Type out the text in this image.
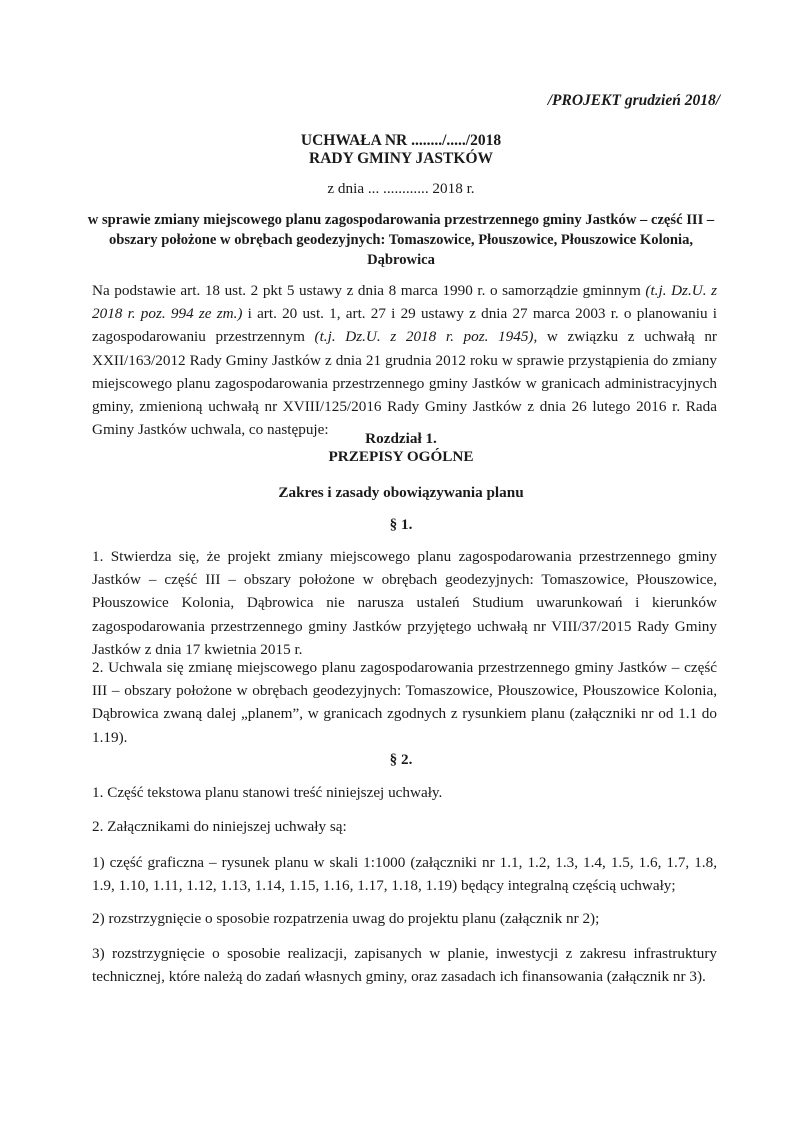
/PROJEKT grudzień 2018/
UCHWAŁA NR ......../...../2018
RADY GMINY JASTKÓW
z dnia ... ............ 2018 r.
w sprawie zmiany miejscowego planu zagospodarowania przestrzennego gminy Jastków – część III – obszary położone w obrębach geodezyjnych: Tomaszowice, Płouszowice, Płouszowice Kolonia, Dąbrowica
Na podstawie art. 18 ust. 2 pkt 5 ustawy z dnia 8 marca 1990 r. o samorządzie gminnym (t.j. Dz.U. z 2018 r. poz. 994 ze zm.) i art. 20 ust. 1, art. 27 i 29 ustawy z dnia 27 marca 2003 r. o planowaniu i zagospodarowaniu przestrzennym (t.j. Dz.U. z 2018 r. poz. 1945), w związku z uchwałą nr XXII/163/2012 Rady Gminy Jastków z dnia 21 grudnia 2012 roku w sprawie przystąpienia do zmiany miejscowego planu zagospodarowania przestrzennego gminy Jastków w granicach administracyjnych gminy, zmienioną uchwałą nr XVIII/125/2016 Rady Gminy Jastków z dnia 26 lutego 2016 r. Rada Gminy Jastków uchwala, co następuje:
Rozdział 1.
PRZEPISY OGÓLNE
Zakres i zasady obowiązywania planu
§ 1.
1. Stwierdza się, że projekt zmiany miejscowego planu zagospodarowania przestrzennego gminy Jastków – część III – obszary położone w obrębach geodezyjnych: Tomaszowice, Płouszowice, Płouszowice Kolonia, Dąbrowica nie narusza ustaleń Studium uwarunkowań i kierunków zagospodarowania przestrzennego gminy Jastków przyjętego uchwałą nr VIII/37/2015 Rady Gminy Jastków z dnia 17 kwietnia 2015 r.
2. Uchwala się zmianę miejscowego planu zagospodarowania przestrzennego gminy Jastków – część III – obszary położone w obrębach geodezyjnych: Tomaszowice, Płouszowice, Płouszowice Kolonia, Dąbrowica zwaną dalej „planem”, w granicach zgodnych z rysunkiem planu (załączniki nr od 1.1 do 1.19).
§ 2.
1. Część tekstowa planu stanowi treść niniejszej uchwały.
2. Załącznikami do niniejszej uchwały są:
1) część graficzna – rysunek planu w skali 1:1000 (załączniki nr 1.1, 1.2, 1.3, 1.4, 1.5, 1.6, 1.7, 1.8, 1.9, 1.10, 1.11, 1.12, 1.13, 1.14, 1.15, 1.16, 1.17, 1.18, 1.19) będący integralną częścią uchwały;
2) rozstrzygnięcie o sposobie rozpatrzenia uwag do projektu planu (załącznik nr 2);
3) rozstrzygnięcie o sposobie realizacji, zapisanych w planie, inwestycji z zakresu infrastruktury technicznej, które należą do zadań własnych gminy, oraz zasadach ich finansowania (załącznik nr 3).
